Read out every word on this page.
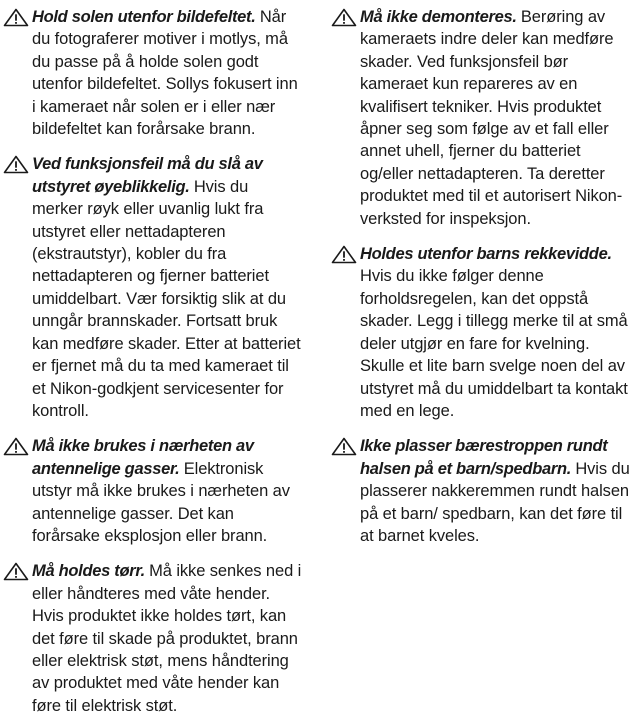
Hold solen utenfor bildefeltet. Når du fotograferer motiver i motlys, må du passe på å holde solen godt utenfor bildefeltet. Sollys fokusert inn i kameraet når solen er i eller nær bildefeltet kan forårsake brann.
Ved funksjonsfeil må du slå av utstyret øyeblikkelig. Hvis du merker røyk eller uvanlig lukt fra utstyret eller nettadapteren (ekstrautstyr), kobler du fra nettadapteren og fjerner batteriet umiddelbart. Vær forsiktig slik at du unngår brannskader. Fortsatt bruk kan medføre skader. Etter at batteriet er fjernet må du ta med kameraet til et Nikon-godkjent servicesenter for kontroll.
Må ikke brukes i nærheten av antennelige gasser. Elektronisk utstyr må ikke brukes i nærheten av antennelige gasser. Det kan forårsake eksplosjon eller brann.
Må holdes tørr. Må ikke senkes ned i eller håndteres med våte hender. Hvis produktet ikke holdes tørt, kan det føre til skade på produktet, brann eller elektrisk støt, mens håndtering av produktet med våte hender kan føre til elektrisk støt.
Må ikke demonteres. Berøring av kameraets indre deler kan medføre skader. Ved funksjonsfeil bør kameraet kun repareres av en kvalifisert tekniker. Hvis produktet åpner seg som følge av et fall eller annet uhell, fjerner du batteriet og/eller nettadapteren. Ta deretter produktet med til et autorisert Nikon-verksted for inspeksjon.
Holdes utenfor barns rekkevidde. Hvis du ikke følger denne forholdsregelen, kan det oppstå skader. Legg i tillegg merke til at små deler utgjør en fare for kvelning. Skulle et lite barn svelge noen del av utstyret må du umiddelbart ta kontakt med en lege.
Ikke plasser bærestroppen rundt halsen på et barn/spedbarn. Hvis du plasserer nakkeremmen rundt halsen på et barn/ spedbarn, kan det føre til at barnet kveles.
